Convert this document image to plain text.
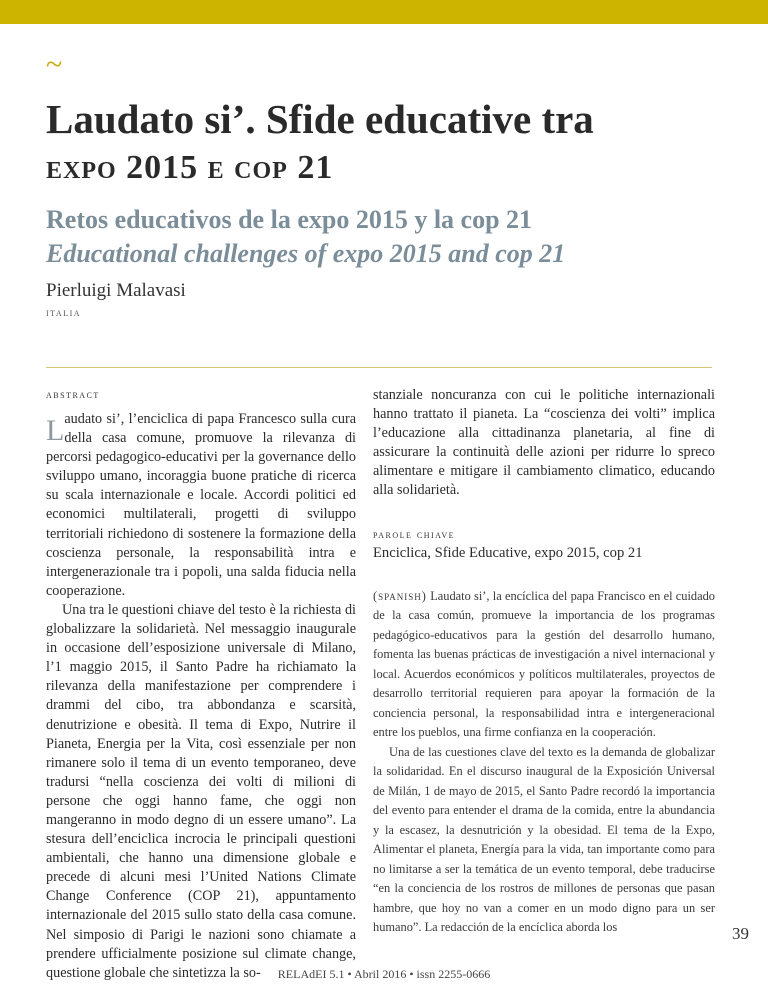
~
Laudato si’. Sfide educative tra
expo 2015 e cop 21
Retos educativos de la expo 2015 y la cop 21
Educational challenges of expo 2015 and cop 21
Pierluigi Malavasi
italia

abstract

Laudato si’, l’enciclica di papa Francesco sulla cura della casa comune, promuove la rilevanza di percorsi pedagogico-educativi per la governance dello sviluppo umano, incoraggia buone pratiche di ricerca su scala internazionale e locale. Accordi politici ed economici multilaterali, progetti di sviluppo territoriali richiedono di sostenere la formazione della coscienza personale, la responsabilità intra e intergenerazionale tra i popoli, una salda fiducia nella cooperazione.

Una tra le questioni chiave del testo è la richiesta di globalizzare la solidarietà. Nel messaggio inaugurale in occasione dell’esposizione universale di Milano, l’1 maggio 2015, il Santo Padre ha richiamato la rilevanza della manifestazione per comprendere i drammi del cibo, tra abbondanza e scarsità, denutrizione e obesità. Il tema di Expo, Nutrire il Pianeta, Energia per la Vita, così essenziale per non rimanere solo il tema di un evento temporaneo, deve tradursi “nella coscienza dei volti di milioni di persone che oggi hanno fame, che oggi non mangeranno in modo degno di un essere umano”. La stesura dell’enciclica incrocia le principali questioni ambientali, che hanno una dimensione globale e precede di alcuni mesi l’United Nations Climate Change Conference (COP 21), appuntamento internazionale del 2015 sullo stato della casa comune. Nel simposio di Parigi le nazioni sono chiamate a prendere ufficialmente posizione sul climate change, questione globale che sintetizza la so-

stanziale noncuranza con cui le politiche internazionali hanno trattato il pianeta. La “coscienza dei volti” implica l’educazione alla cittadinanza planetaria, al fine di assicurare la continuità delle azioni per ridurre lo spreco alimentare e mitigare il cambiamento climatico, educando alla solidarietà.

parole chiave

Enciclica, Sfide Educative, expo 2015, cop 21

(spanish) Laudato si’, la encíclica del papa Francisco en el cuidado de la casa común, promueve la importancia de los programas pedagógico-educativos para la gestión del desarrollo humano, fomenta las buenas prácticas de investigación a nivel internacional y local. Acuerdos económicos y políticos multilaterales, proyectos de desarrollo territorial requieren para apoyar la formación de la conciencia personal, la responsabilidad intra e intergeneracional entre los pueblos, una firme confianza en la cooperación.

Una de las cuestiones clave del texto es la demanda de globalizar la solidaridad. En el discurso inaugural de la Exposición Universal de Milán, 1 de mayo de 2015, el Santo Padre recordó la importancia del evento para entender el drama de la comida, entre la abundancia y la escasez, la desnutrición y la obesidad. El tema de la Expo, Alimentar el planeta, Energía para la vida, tan importante como para no limitarse a ser la temática de un evento temporal, debe traducirse “en la conciencia de los rostros de millones de personas que pasan hambre, que hoy no van a comer en un modo digno para un ser humano”. La redacción de la encíclica aborda los	39
RELAdEI 5.1 • Abril 2016 • issn 2255-0666
